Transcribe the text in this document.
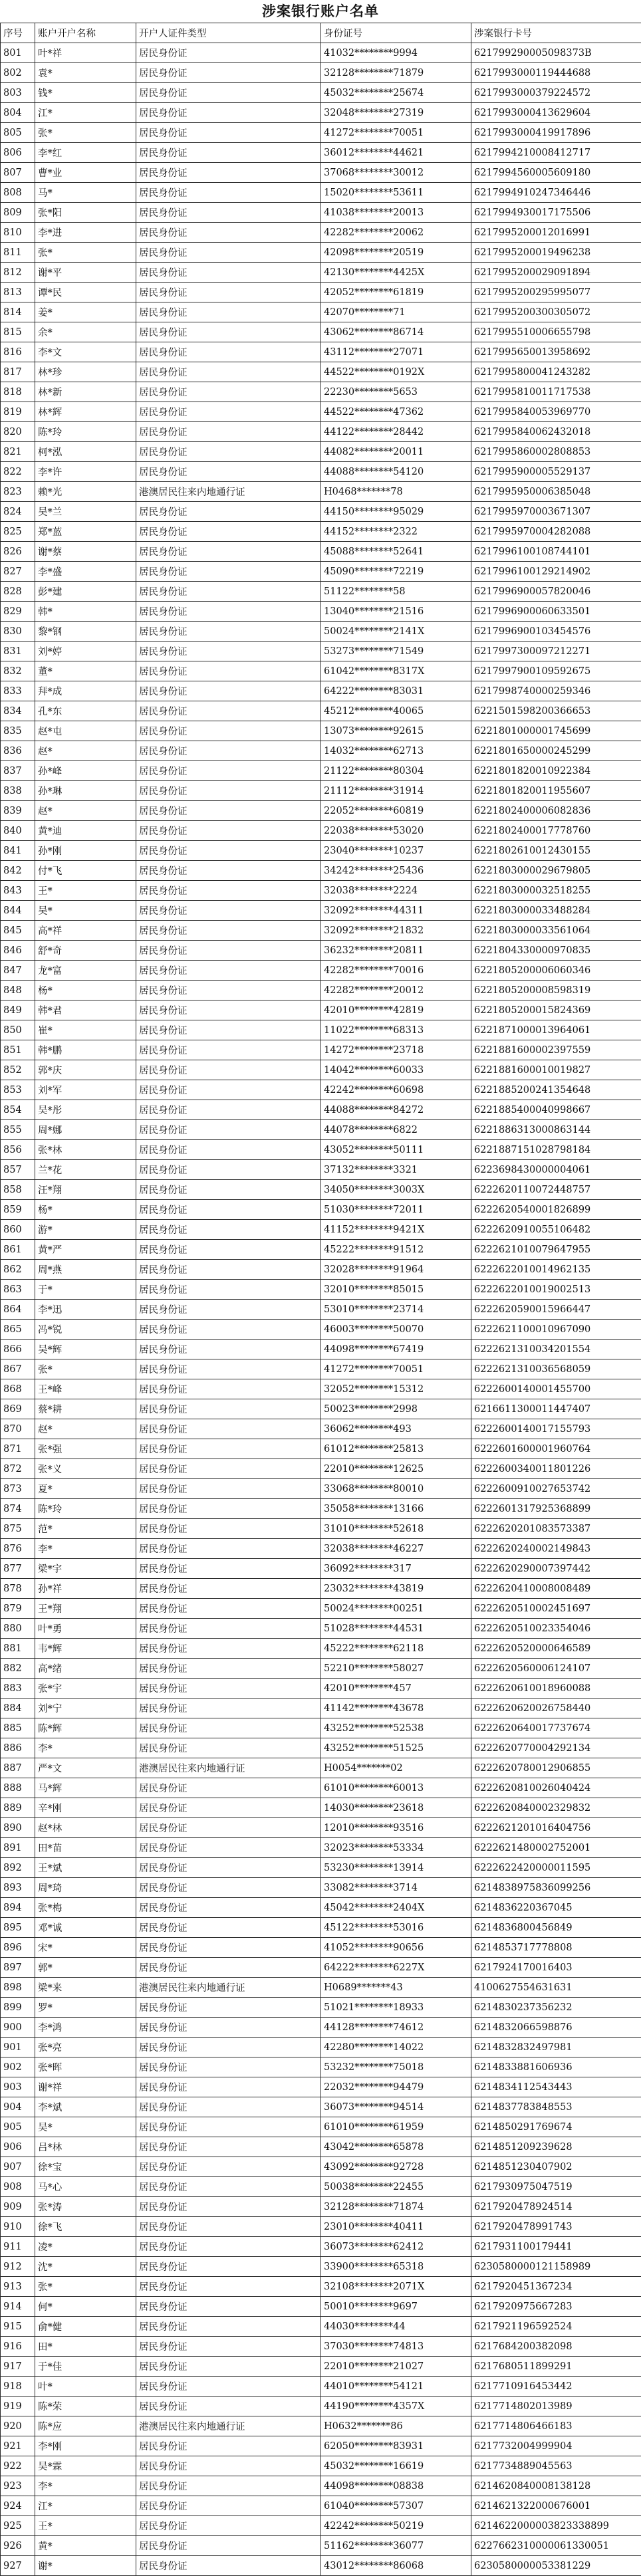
涉案银行账户名单
序号	账户开户名称	开户人证件类型	身份证号	涉案银行卡号
801	叶*祥	居民身份证	41032********9994	621799290005098373B
802	袁*	居民身份证	32128********71879	6217993000119444688
803	钱*	居民身份证	45032********25674	6217993000379224572
804	江*	居民身份证	32048********27319	6217993000413629604
805	张*	居民身份证	41272********70051	6217993000419917896
806	李*红	居民身份证	36012********44621	6217994210008412717
807	曹*业	居民身份证	37068********30012	6217994560005609180
808	马*	居民身份证	15020********53611	6217994910247346446
809	张*阳	居民身份证	41038********20013	6217994930017175506
810	李*进	居民身份证	42282********20062	6217995200012016991
811	张*	居民身份证	42098********20519	6217995200019496238
812	谢*平	居民身份证	42130********4425X	6217995200029091894
813	谭*民	居民身份证	42052********61819	6217995200295995077
814	姜*	居民身份证	42070********71	6217995200300305072
815	余*	居民身份证	43062********86714	6217995510006655798
816	李*文	居民身份证	43112********27071	6217995650013958692
817	林*珍	居民身份证	44522********0192X	6217995800041243282
818	林*新	居民身份证	22230********5653	6217995810011717538
819	林*辉	居民身份证	44522********47362	6217995840053969770
820	陈*玲	居民身份证	44122********28442	6217995840062432018
821	柯*泓	居民身份证	44082********20011	6217995860002808853
822	李*许	居民身份证	44088********54120	6217995900005529137
823	赖*光	港澳居民往来内地通行证	H0468*******78	6217995950006385048
824	吴*兰	居民身份证	44150********95029	6217995970003671307
825	郑*蓝	居民身份证	44152********2322	6217995970004282088
826	谢*蔡	居民身份证	45088********52641	6217996100108744101
827	李*盛	居民身份证	45090********72219	6217996100129214902
828	彭*建	居民身份证	51122********58	6217996900057820046
829	韩*	居民身份证	13040********21516	6217996900060633501
830	黎*钢	居民身份证	50024********2141X	6217996900103454576
831	刘*婷	居民身份证	53273********71549	6217997300097212271
832	董*	居民身份证	61042********8317X	6217997900109592675
833	拜*成	居民身份证	64222********83031	6217998740000259346
834	孔*东	居民身份证	45212********40065	6221501598200366653
835	赵*屯	居民身份证	13073********92615	6221801000001745699
836	赵*	居民身份证	14032********62713	6221801650000245299
837	孙*峰	居民身份证	21122********80304	6221801820010922384
838	孙*琳	居民身份证	21112********31914	6221801820011955607
839	赵*	居民身份证	22052********60819	6221802400006082836
840	黄*迪	居民身份证	22038********53020	6221802400017778760
841	孙*刚	居民身份证	23040********10237	6221802610012430155
842	付*飞	居民身份证	34242********25436	6221803000029679805
843	王*	居民身份证	32038********2224	6221803000032518255
844	吴*	居民身份证	32092********44311	6221803000033488284
845	高*祥	居民身份证	32092********21832	6221803000033561064
846	舒*奇	居民身份证	36232********20811	6221804330000970835
847	龙*富	居民身份证	42282********70016	6221805200006060346
848	杨*	居民身份证	42282********20012	6221805200008598319
849	韩*君	居民身份证	42010********42819	6221805200015824369
850	崔*	居民身份证	11022********68313	6221871000013964061
851	韩*鹏	居民身份证	14272********23718	6221881600002397559
852	郭*庆	居民身份证	14042********60033	6221881600010019827
853	刘*军	居民身份证	42242********60698	6221885200241354648
854	吴*彤	居民身份证	44088********84272	6221885400040998667
855	周*娜	居民身份证	44078********6822	6221886313000863144
856	张*林	居民身份证	43052********50111	6221887151028798184
857	兰*花	居民身份证	37132********3321	6223698430000004061
858	汪*翔	居民身份证	34050********3003X	6222620110072448757
859	杨*	居民身份证	51030********72011	6222620540001826899
860	游*	居民身份证	41152********9421X	6222620910055106482
861	黄*严	居民身份证	45222********91512	6222621010079647955
862	周*燕	居民身份证	32028********91964	6222622010014962135
863	于*	居民身份证	32010********85015	6222622010019002513
864	李*迅	居民身份证	53010********23714	6222620590015966447
865	冯*锐	居民身份证	46003********50070	6222621100010967090
866	吴*辉	居民身份证	44098********67419	6222621310034201554
867	张*	居民身份证	41272********70051	6222621310036568059
868	王*峰	居民身份证	32052********15312	6222600140001455700
869	蔡*耕	居民身份证	50023********2998	6216611300011447407
870	赵*	居民身份证	36062********493	6222600140017155793
871	张*强	居民身份证	61012********25813	6222601600001960764
872	张*义	居民身份证	22010********12625	6222600340011801226
873	夏*	居民身份证	33068********80010	6222600910027653742
874	陈*玲	居民身份证	35058********13166	6222601317925368899
875	范*	居民身份证	31010********52618	6222620201083573387
876	李*	居民身份证	32038********46227	6222620240002149843
877	梁*宇	居民身份证	36092********317	6222620290007397442
878	孙*祥	居民身份证	23032********43819	6222620410008008489
879	王*翔	居民身份证	50024********00251	6222620510002451697
880	叶*勇	居民身份证	51028********44531	6222620510023354046
881	韦*辉	居民身份证	45222********62118	6222620520000646589
882	高*绪	居民身份证	52210********58027	6222620560006124107
883	张*宇	居民身份证	42010********457	6222620610018960088
884	刘*宁	居民身份证	41142********43678	6222620620026758440
885	陈*辉	居民身份证	43252********52538	6222620640017737674
886	李*	居民身份证	43252********51525	6222620770004292134
887	严*文	港澳居民往来内地通行证	H0054*******02	6222620780012906855
888	马*辉	居民身份证	61010********60013	6222620810026040424
889	辛*刚	居民身份证	14030********23618	6222620840002329832
890	赵*林	居民身份证	12010********93516	6222621201016404756
891	田*苗	居民身份证	32023********53334	6222621480002752001
892	王*斌	居民身份证	53230********13914	6222622420000011595
893	周*琦	居民身份证	33082********3714	6214838975836099256
894	张*梅	居民身份证	45042********2404X	6214836220367045
895	邓*诚	居民身份证	45122********53016	6214836800456849
896	宋*	居民身份证	41052********90656	6214853717778808
897	郭*	居民身份证	64222********6227X	6217924170016403
898	梁*来	港澳居民往来内地通行证	H0689*******43	4100627554631631
899	罗*	居民身份证	51021********18933	6214830237356232
900	李*鸿	居民身份证	44128********74612	6214832066598876
901	张*亮	居民身份证	42280********14022	6214832832497981
902	张*晖	居民身份证	53232********75018	6214833881606936
903	谢*祥	居民身份证	22032********94479	6214834112543443
904	李*斌	居民身份证	36073********94514	6214837783848553
905	吴*	居民身份证	61010********61959	6214850291769674
906	吕*林	居民身份证	43042********65878	6214851209239628
907	徐*宝	居民身份证	43092********92728	6214851230407902
908	马*心	居民身份证	50038********22455	6217930975047519
909	张*涛	居民身份证	32128********71874	6217920478924514
910	徐*飞	居民身份证	23010********40411	6217920478991743
911	凌*	居民身份证	36073********62412	6217931100179441
912	沈*	居民身份证	33900********65318	6230580000121158989
913	张*	居民身份证	32108********2071X	6217920451367234
914	何*	居民身份证	50010********9697	6217920975667283
915	俞*健	居民身份证	44030********44	6217921196592524
916	田*	居民身份证	37030********74813	6217684200382098
917	于*佳	居民身份证	22010********21027	6217680511899291
918	叶*	居民身份证	44010********54121	6217710916453442
919	陈*荣	居民身份证	44190********4357X	6217714802013989
920	陈*应	港澳居民往来内地通行证	H0632*******86	6217714806466183
921	李*刚	居民身份证	62050********83931	6217732004999904
922	吴*霖	居民身份证	45032********16619	6217734889045563
923	李*	居民身份证	44098********08838	6214620840008138128
924	江*	居民身份证	61040********57307	6214621322000676001
925	王*	居民身份证	42242********50219	6214622000003823338899
926	黄*	居民身份证	51162********36077	6227662310000061330051
927	谢*	居民身份证	43012********86068	6230580000053381229
